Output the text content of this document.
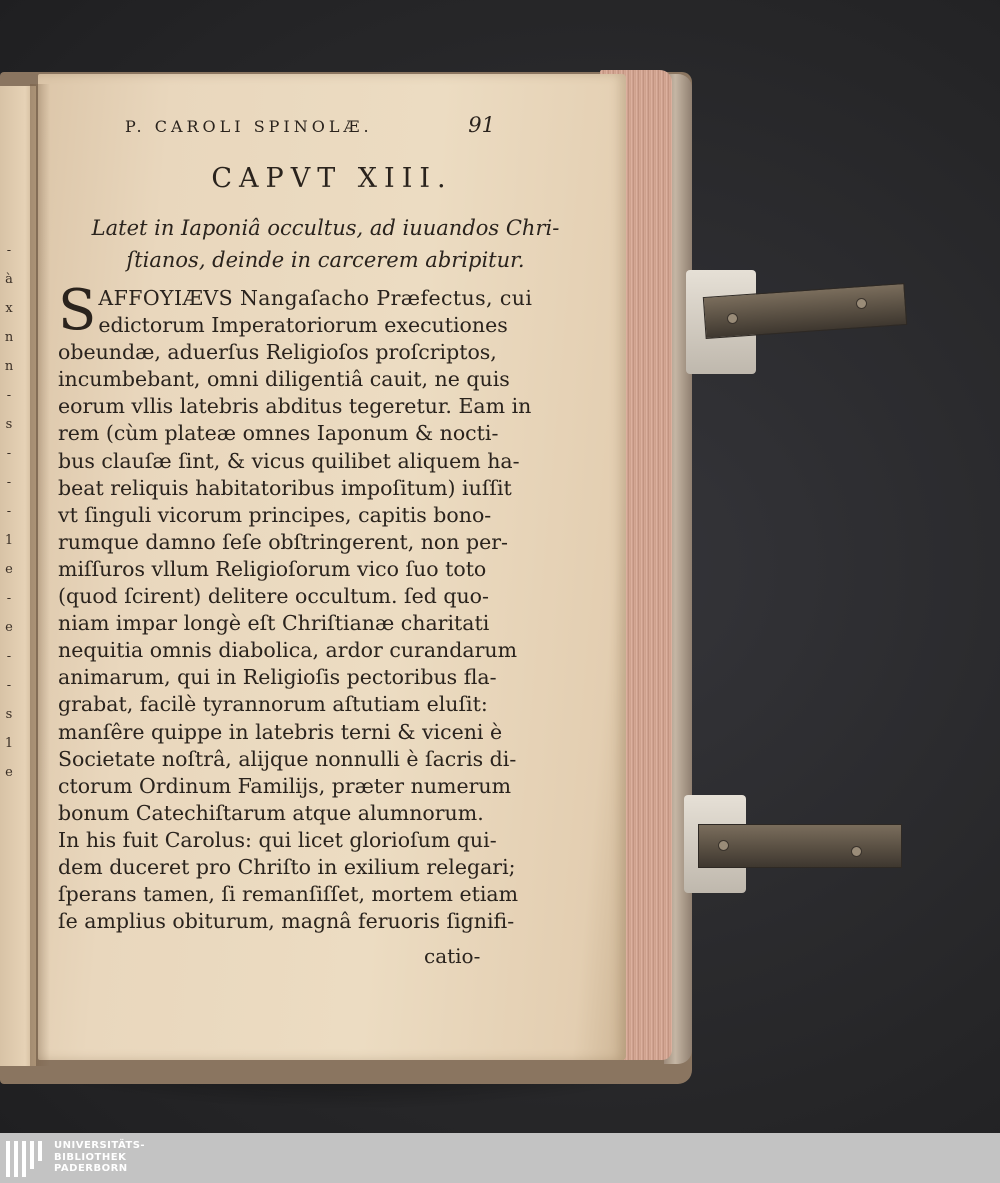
-
à
x
n
n
-
s
-
-
-
1
e
-
e
-
-
s
1
e
P. CAROLI SPINOLÆ.	91
CAPVT XIII.
Latet in Iaponiâ occultus, ad iuuandos Chri-
ſtianos, deinde in carcerem abripitur.
S AFFOYIÆVS Nangaſacho Præfectus, cui
edictorum Imperatoriorum executiones
obeundæ, aduerſus Religioſos proſcriptos,
incumbebant, omni diligentiâ cauit, ne quis
eorum vllis latebris abditus tegeretur. Eam in
rem (cùm plateæ omnes Iaponum & nocti-
bus clauſæ ſint, & vicus quilibet aliquem ha-
beat reliquis habitatoribus impoſitum) iuſſit
vt ſinguli vicorum principes, capitis bono-
rumque damno ſeſe obſtringerent, non per-
miſſuros vllum Religioſorum vico ſuo toto
(quod ſcirent) delitere occultum. ſed quo-
niam impar longè eſt Chriſtianæ charitati
nequitia omnis diabolica, ardor curandarum
animarum, qui in Religioſis pectoribus fla-
grabat, facilè tyrannorum aſtutiam eluſit:
manſêre quippe in latebris terni & viceni è
Societate noſtrâ, alijque nonnulli è ſacris di-
ctorum Ordinum Familijs, præter numerum
bonum Catechiſtarum atque alumnorum.
In his fuit Carolus: qui licet glorioſum qui-
dem duceret pro Chriſto in exilium relegari;
ſperans tamen, ſi remanſiſſet, mortem etiam
ſe amplius obiturum, magnâ feruoris ſignifi-
catio-
UNIVERSITÄTS-
BIBLIOTHEK
PADERBORN
